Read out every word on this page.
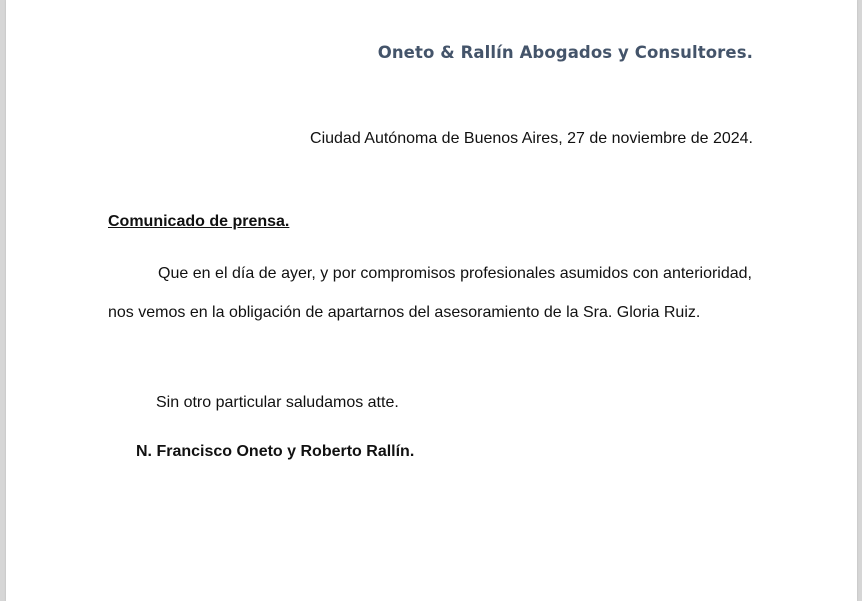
Oneto & Rallín Abogados y Consultores.
Ciudad Autónoma de Buenos Aires, 27 de noviembre de 2024.
Comunicado de prensa.

Que en el día de ayer, y por compromisos profesionales asumidos con anterioridad, nos vemos en la obligación de apartarnos del asesoramiento de la Sra. Gloria Ruiz.

Sin otro particular saludamos atte.
N. Francisco Oneto y Roberto Rallín.
